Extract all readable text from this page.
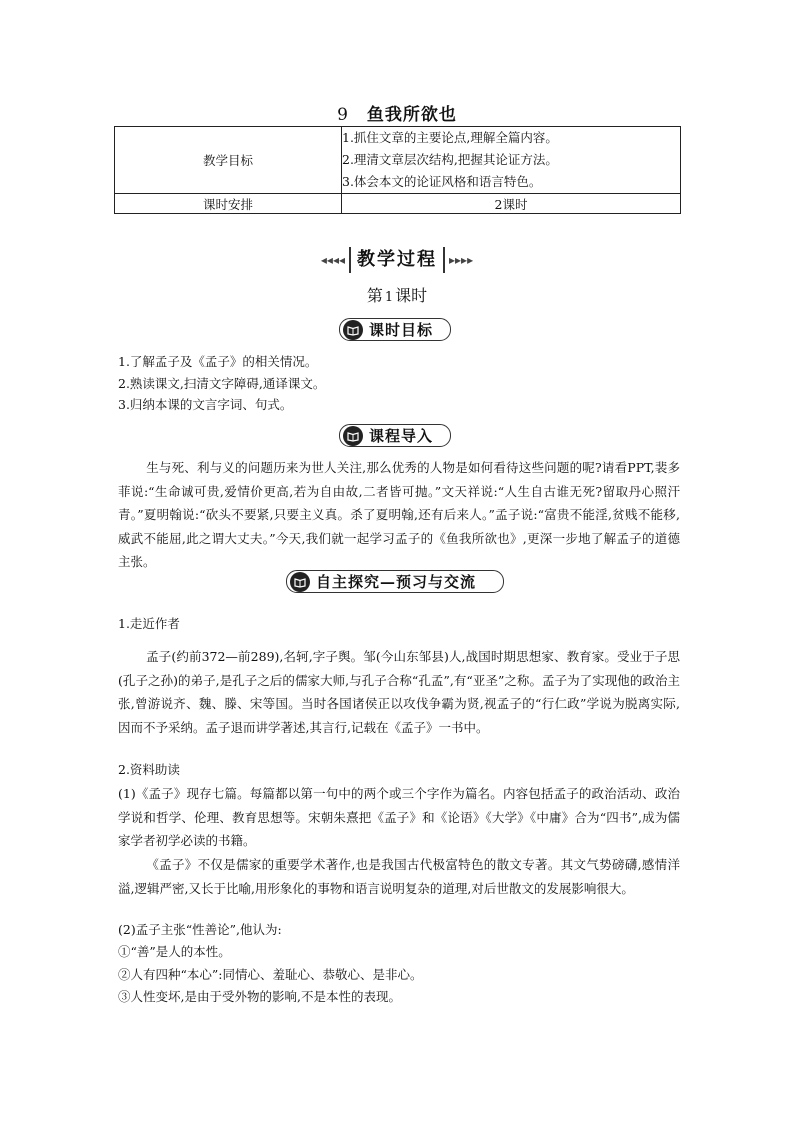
9 鱼我所欲也
教学目标	1.抓住文章的主要论点,理解全篇内容。
2.理清文章层次结构,把握其论证方法。
3.体会本文的论证风格和语言特色。

课时安排	2课时
◂◂◂◂ 教学过程	▸▸▸▸
第 1 课时
课时目标
1.了解孟子及《孟子》的相关情况。
2.熟读课文,扫清文字障碍,通译课文。
3.归纳本课的文言字词、句式。
课程导入
生与死、利与义的问题历来为世人关注,那么优秀的人物是如何看待这些问题的呢?请看PPT,裴多菲说:“生命诚可贵,爱情价更高,若为自由故,二者皆可抛。”文天祥说:“人生自古谁无死?留取丹心照汗青。”夏明翰说:“砍头不要紧,只要主义真。杀了夏明翰,还有后来人。”孟子说:“富贵不能淫,贫贱不能移,威武不能屈,此之谓大丈夫。”今天,我们就一起学习孟子的《鱼我所欲也》,更深一步地了解孟子的道德主张。
自主探究—预习与交流
1.走近作者
孟子(约前372—前289),名轲,字子舆。邹(今山东邹县)人,战国时期思想家、教育家。受业于子思(孔子之孙)的弟子,是孔子之后的儒家大师,与孔子合称“孔孟”,有“亚圣”之称。孟子为了实现他的政治主张,曾游说齐、魏、滕、宋等国。当时各国诸侯正以攻伐争霸为贤,视孟子的“行仁政”学说为脱离实际,因而不予采纳。孟子退而讲学著述,其言行,记载在《孟子》一书中。
2.资料助读
(1)《孟子》现存七篇。每篇都以第一句中的两个或三个字作为篇名。内容包括孟子的政治活动、政治学说和哲学、伦理、教育思想等。宋朝朱熹把《孟子》和《论语》《大学》《中庸》合为“四书”,成为儒家学者初学必读的书籍。
《孟子》不仅是儒家的重要学术著作,也是我国古代极富特色的散文专著。其文气势磅礴,感情洋溢,逻辑严密,又长于比喻,用形象化的事物和语言说明复杂的道理,对后世散文的发展影响很大。
(2)孟子主张“性善论”,他认为:
①“善”是人的本性。
②人有四种“本心”:同情心、羞耻心、恭敬心、是非心。
③人性变坏,是由于受外物的影响,不是本性的表现。
